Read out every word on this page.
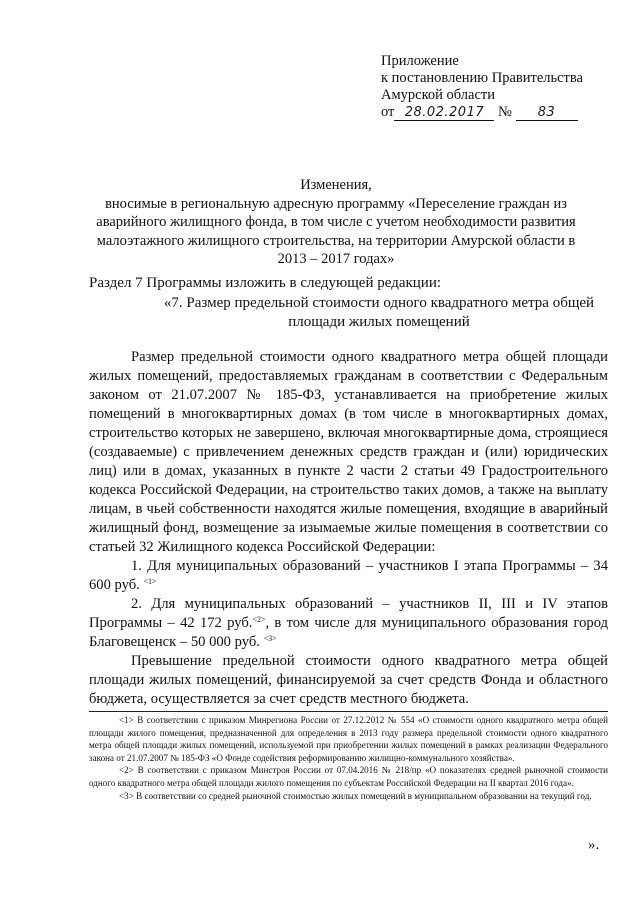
Приложение
к постановлению Правительства
Амурской области
от 28.02.2017 № 83
Изменения,
вносимые в региональную адресную программу «Переселение граждан из
аварийного жилищного фонда, в том числе с учетом необходимости развития
малоэтажного жилищного строительства, на территории Амурской области в
2013 – 2017 годах»
Раздел 7 Программы изложить в следующей редакции:
«7. Размер предельной стоимости одного квадратного метра общей
площади жилых помещений

Размер предельной стоимости одного квадратного метра общей площади жилых помещений, предоставляемых гражданам в соответствии с Федеральным законом от 21.07.2007 № 185-ФЗ, устанавливается на приобретение жилых помещений в многоквартирных домах (в том числе в многоквартирных домах, строительство которых не завершено, включая многоквартирные дома, строящиеся (создаваемые) с привлечением денежных средств граждан и (или) юридических лиц) или в домах, указанных в пункте 2 части 2 статьи 49 Градостроительного кодекса Российской Федерации, на строительство таких домов, а также на выплату лицам, в чьей собственности находятся жилые помещения, входящие в аварийный жилищный фонд, возмещение за изымаемые жилые помещения в соответствии со статьей 32 Жилищного кодекса Российской Федерации:

1. Для муниципальных образований – участников I этапа Программы – 34 600 руб. $^{<1>}$

2. Для муниципальных образований – участников II, III и IV этапов Программы – 42 172 руб.$^{<2>}$, в том числе для муниципального образования город Благовещенск – 50 000 руб. $^{<3>}$

Превышение предельной стоимости одного квадратного метра общей площади жилых помещений, финансируемой за счет средств Фонда и областного бюджета, осуществляется за счет средств местного бюджета.

<1> В соответствии с приказом Минрегиона России от 27.12.2012 № 554 «О стоимости одного квадратного метра общей площади жилого помещения, предназначенной для определения в 2013 году размера предельной стоимости одного квадратного метра общей площади жилых помещений, используемой при приобретении жилых помещений в рамках реализации Федерального закона от 21.07.2007 № 185-ФЗ «О Фонде содействия реформированию жилищно-коммунального хозяйства».

<2> В соответствии с приказом Минстроя России от 07.04.2016 № 218/пр «О показателях средней рыночной стоимости одного квадратного метра общей площади жилого помещения по субъектам Российской Федерации на II квартал 2016 года».

<3> В соответствии со средней рыночной стоимостью жилых помещений в муниципальном образовании на текущий год.

».
